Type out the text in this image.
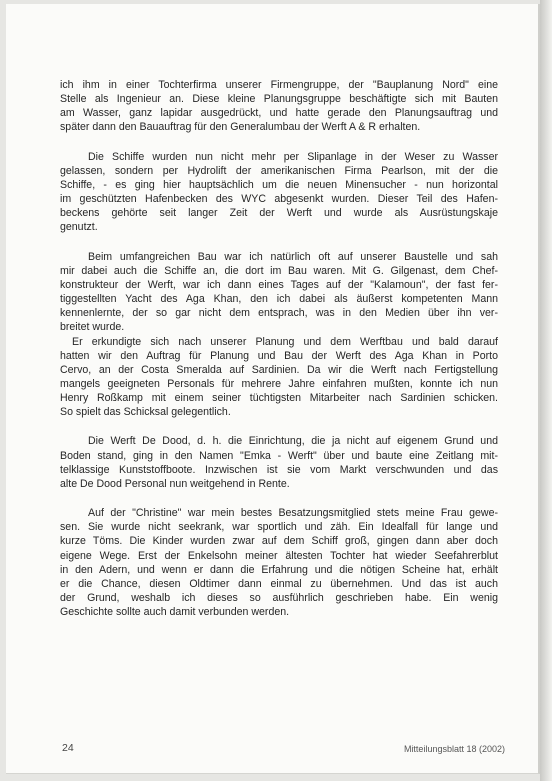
ich ihm in einer Tochterfirma unserer Firmengruppe, der "Bauplanung Nord" eine
Stelle als Ingenieur an. Diese kleine Planungsgruppe beschäftigte sich mit Bauten
am Wasser, ganz lapidar ausgedrückt, und hatte gerade den Planungsauftrag und
später dann den Bauauftrag für den Generalumbau der Werft A & R erhalten.
Die Schiffe wurden nun nicht mehr per Slipanlage in der Weser zu Wasser
gelassen, sondern per Hydrolift der amerikanischen Firma Pearlson, mit der die
Schiffe, - es ging hier hauptsächlich um die neuen Minensucher - nun horizontal
im geschützten Hafenbecken des WYC abgesenkt wurden. Dieser Teil des Hafen-
beckens gehörte seit langer Zeit der Werft und wurde als Ausrüstungskaje
genutzt.
Beim umfangreichen Bau war ich natürlich oft auf unserer Baustelle und sah
mir dabei auch die Schiffe an, die dort im Bau waren. Mit G. Gilgenast, dem Chef-
konstrukteur der Werft, war ich dann eines Tages auf der "Kalamoun", der fast fer-
tiggestellten Yacht des Aga Khan, den ich dabei als äußerst kompetenten Mann
kennenlernte, der so gar nicht dem entsprach, was in den Medien über ihn ver-
breitet wurde.
Er erkundigte sich nach unserer Planung und dem Werftbau und bald darauf
hatten wir den Auftrag für Planung und Bau der Werft des Aga Khan in Porto
Cervo, an der Costa Smeralda auf Sardinien. Da wir die Werft nach Fertigstellung
mangels geeigneten Personals für mehrere Jahre einfahren mußten, konnte ich nun
Henry Roßkamp mit einem seiner tüchtigsten Mitarbeiter nach Sardinien schicken.
So spielt das Schicksal gelegentlich.
Die Werft De Dood, d. h. die Einrichtung, die ja nicht auf eigenem Grund und
Boden stand, ging in den Namen "Emka - Werft" über und baute eine Zeitlang mit-
telklassige Kunststoffboote. Inzwischen ist sie vom Markt verschwunden und das
alte De Dood Personal nun weitgehend in Rente.
Auf der "Christine" war mein bestes Besatzungsmitglied stets meine Frau gewe-
sen. Sie wurde nicht seekrank, war sportlich und zäh. Ein Idealfall für lange und
kurze Töms. Die Kinder wurden zwar auf dem Schiff groß, gingen dann aber doch
eigene Wege. Erst der Enkelsohn meiner ältesten Tochter hat wieder Seefahrerblut
in den Adern, und wenn er dann die Erfahrung und die nötigen Scheine hat, erhält
er die Chance, diesen Oldtimer dann einmal zu übernehmen. Und das ist auch
der Grund, weshalb ich dieses so ausführlich geschrieben habe. Ein wenig
Geschichte sollte auch damit verbunden werden.
24	Mitteilungsblatt 18 (2002)
